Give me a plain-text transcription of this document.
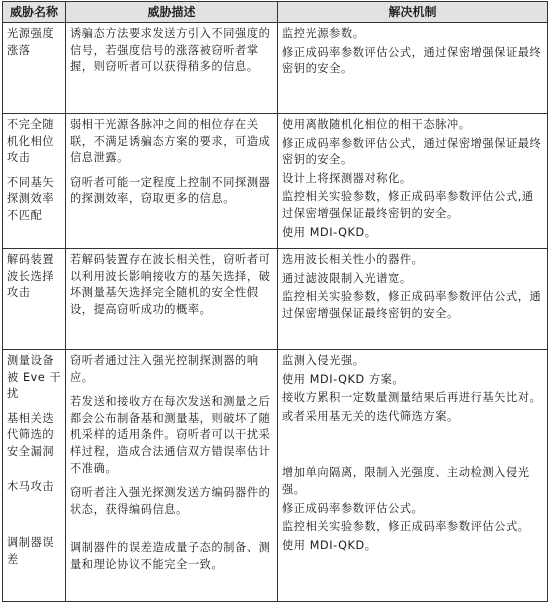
威胁名称	威胁描述	解决机制

光源强度涨落

诱骗态方法要求发送方引入不同强度的信号，若强度信号的涨落被窃听者掌握，则窃听者可以获得稍多的信息。

监控光源参数。

修正成码率参数评估公式，通过保密增强保证最终密钥的安全。

不完全随机化相位攻击

不同基矢探测效率不匹配

弱相干光源各脉冲之间的相位存在关联，不满足诱骗态方案的要求，可造成信息泄露。

窃听者可能一定程度上控制不同探测器的探测效率，窃取更多的信息。

使用离散随机化相位的相干态脉冲。

修正成码率参数评估公式，通过保密增强保证最终密钥的安全。

设计上将探测器对称化。

监控相关实验参数，修正成码率参数评估公式,通过保密增强保证最终密钥的安全。

使用 MDI-QKD。

解码装置波长选择攻击

若解码装置存在波长相关性，窃听者可以利用波长影响接收方的基矢选择，破坏测量基矢选择完全随机的安全性假设，提高窃听成功的概率。

选用波长相关性小的器件。

通过滤波限制入光谱宽。

监控相关实验参数，修正成码率参数评估公式，通过保密增强保证最终密钥的安全。

测量设备被 Eve 干扰

基相关迭代筛选的安全漏洞

木马攻击

调制器误差

窃听者通过注入强光控制探测器的响应。

若发送和接收方在每次发送和测量之后都会公布制备基和测量基，则破坏了随机采样的适用条件。窃听者可以干扰采样过程，造成合法通信双方错误率估计不准确。

窃听者注入强光探测发送方编码器件的状态，获得编码信息。

调制器件的误差造成量子态的制备、测量和理论协议不能完全一致。

监测入侵光强。

使用 MDI-QKD 方案。

接收方累积一定数量测量结果后再进行基矢比对。

或者采用基无关的迭代筛选方案。

增加单向隔离，限制入光强度、主动检测入侵光强。

修正成码率参数评估公式。

监控相关实验参数，修正成码率参数评估公式。

使用 MDI-QKD。
